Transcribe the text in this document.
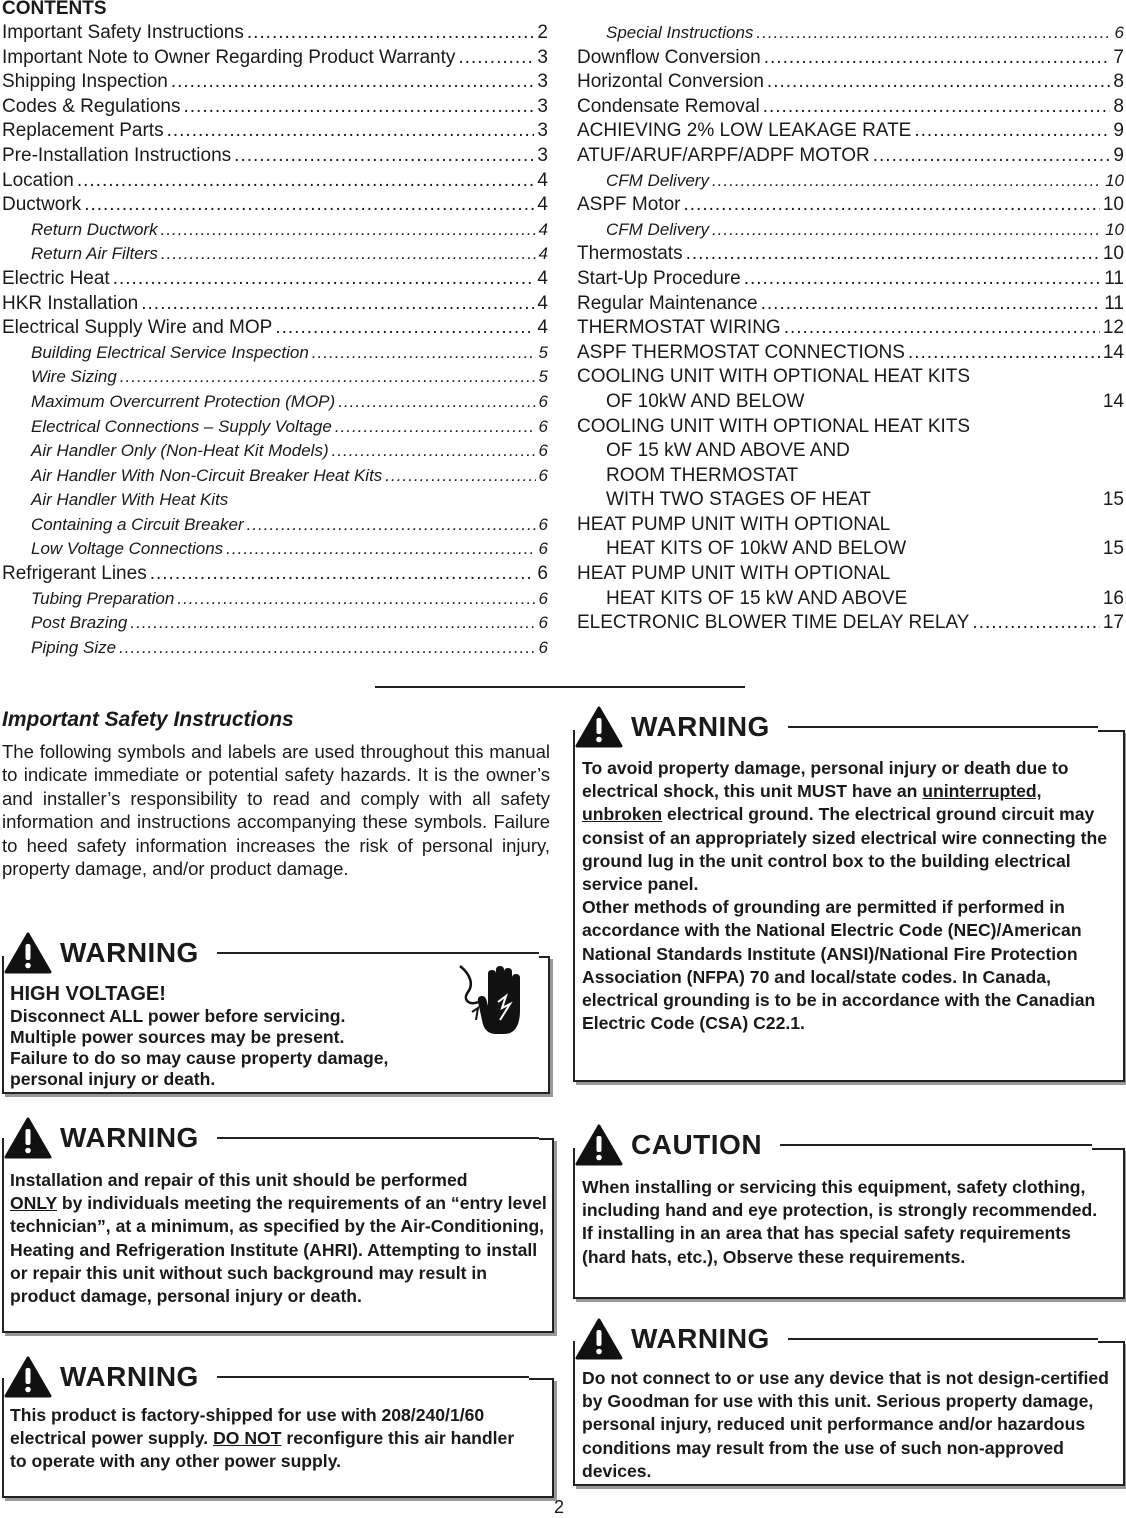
CONTENTS
Important Safety Instructions .....	2
Important Note to Owner Regarding Product Warranty .....	3
Shipping Inspection .....	3
Codes & Regulations .....	3
Replacement Parts .....	3
Pre-Installation Instructions .....	3
Location .....	4
Ductwork .....	4
Return Ductwork .....	4
Return Air Filters .....	4
Electric Heat .....	4
HKR Installation .....	4
Electrical Supply Wire and MOP .....	4
Building Electrical Service Inspection .....	5
Wire Sizing .....	5
Maximum Overcurrent Protection (MOP) .....	6
Electrical Connections – Supply Voltage .....	6
Air Handler Only (Non-Heat Kit Models) .....	6
Air Handler With Non-Circuit Breaker Heat Kits .....	6
Air Handler With Heat Kits
Containing a Circuit Breaker .....	6
Low Voltage Connections .....	6
Refrigerant Lines .....	6
Tubing Preparation .....	6
Post Brazing .....	6
Piping Size .....	6
Special Instructions .....	6
Downflow Conversion .....	7
Horizontal Conversion .....	8
Condensate Removal .....	8
ACHIEVING 2% LOW LEAKAGE RATE .....	9
ATUF/ARUF/ARPF/ADPF MOTOR .....	9
CFM Delivery .....	10
ASPF Motor .....	10
CFM Delivery .....	10
Thermostats .....	10
Start-Up Procedure .....	11
Regular Maintenance .....	11
THERMOSTAT WIRING .....	12
ASPF THERMOSTAT CONNECTIONS .....	14
COOLING UNIT WITH OPTIONAL HEAT KITS
OF 10kW AND BELOW	14
COOLING UNIT WITH OPTIONAL HEAT KITS
OF 15 kW AND ABOVE AND
ROOM THERMOSTAT
WITH TWO STAGES OF HEAT	15
HEAT PUMP UNIT WITH OPTIONAL
HEAT KITS OF 10kW AND BELOW	15
HEAT PUMP UNIT WITH OPTIONAL
HEAT KITS OF 15 kW AND ABOVE	16
ELECTRONIC BLOWER TIME DELAY RELAY .....	17
Important Safety Instructions
The following symbols and labels are used throughout this manual to indicate immediate or potential safety hazards. It is the owner’s and installer’s responsibility to read and comply with all safety information and instructions accompanying these symbols. Failure to heed safety information increases the risk of personal injury, property damage, and/or product damage.
WARNING
HIGH VOLTAGE!
Disconnect ALL power before servicing.
Multiple power sources may be present.
Failure to do so may cause property damage,
personal injury or death.
WARNING
Installation and repair of this unit should be performed
ONLY by individuals meeting the requirements of an “entry level technician”, at a minimum, as specified by the Air-Conditioning, Heating and Refrigeration Institute (AHRI). Attempting to install or repair this unit without such background may result in product damage, personal injury or death.
WARNING
This product is factory-shipped for use with 208/240/1/60 electrical power supply. DO NOT reconfigure this air handler to operate with any other power supply.
WARNING
To avoid property damage, personal injury or death due to electrical shock, this unit MUST have an uninterrupted, unbroken electrical ground. The electrical ground circuit may consist of an appropriately sized electrical wire connecting the ground lug in the unit control box to the building electrical service panel.
Other methods of grounding are permitted if performed in accordance with the National Electric Code (NEC)/American National Standards Institute (ANSI)/National Fire Protection Association (NFPA) 70 and local/state codes. In Canada, electrical grounding is to be in accordance with the Canadian Electric Code (CSA) C22.1.
CAUTION
When installing or servicing this equipment, safety clothing, including hand and eye protection, is strongly recommended. If installing in an area that has special safety requirements (hard hats, etc.), Observe these requirements.
WARNING
Do not connect to or use any device that is not design-certified by Goodman for use with this unit. Serious property damage, personal injury, reduced unit performance and/or hazardous conditions may result from the use of such non-approved devices.
2
